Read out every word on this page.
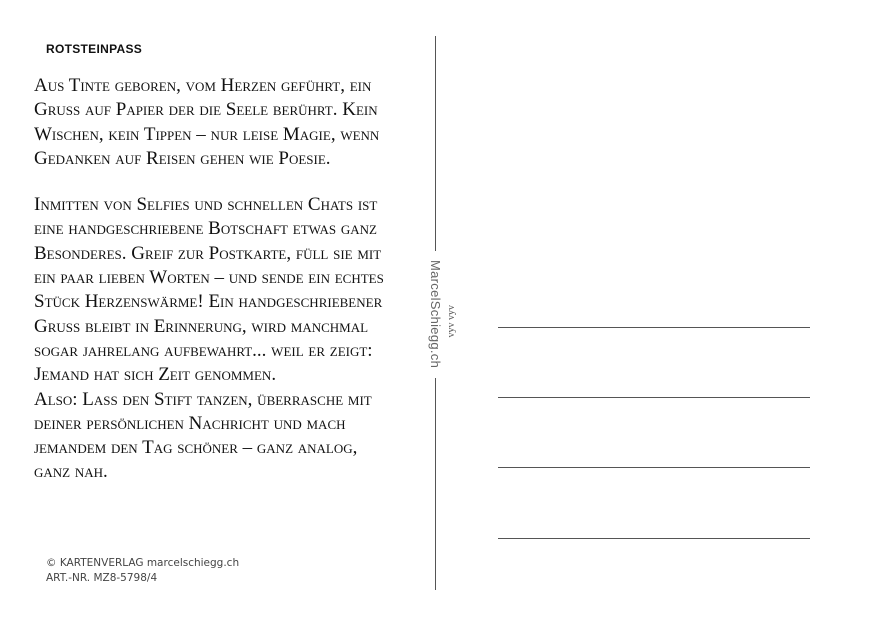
ROTSTEINPASS
Aus Tinte geboren, vom Herzen geführt, ein
Gruss auf Papier der die Seele berührt. Kein
Wischen, kein Tippen – nur leise Magie, wenn
Gedanken auf Reisen gehen wie Poesie.
Inmitten von Selfies und schnellen Chats ist
eine handgeschriebene Botschaft etwas ganz
Besonderes. Greif zur Postkarte, füll sie mit
ein paar lieben Worten – und sende ein echtes
Stück Herzenswärme! Ein handgeschriebener
Gruss bleibt in Erinnerung, wird manchmal
sogar jahrelang aufbewahrt... weil er zeigt:
Jemand hat sich Zeit genommen.
Also: Lass den Stift tanzen, überrasche mit
deiner persönlichen Nachricht und mach
jemandem den Tag schöner – ganz analog,
ganz nah.
© KARTENVERLAG marcelschiegg.ch
ART.-NR. MZ8-5798/4
MarcelSchiegg.ch ʌʎʌ ʌʎʌ
